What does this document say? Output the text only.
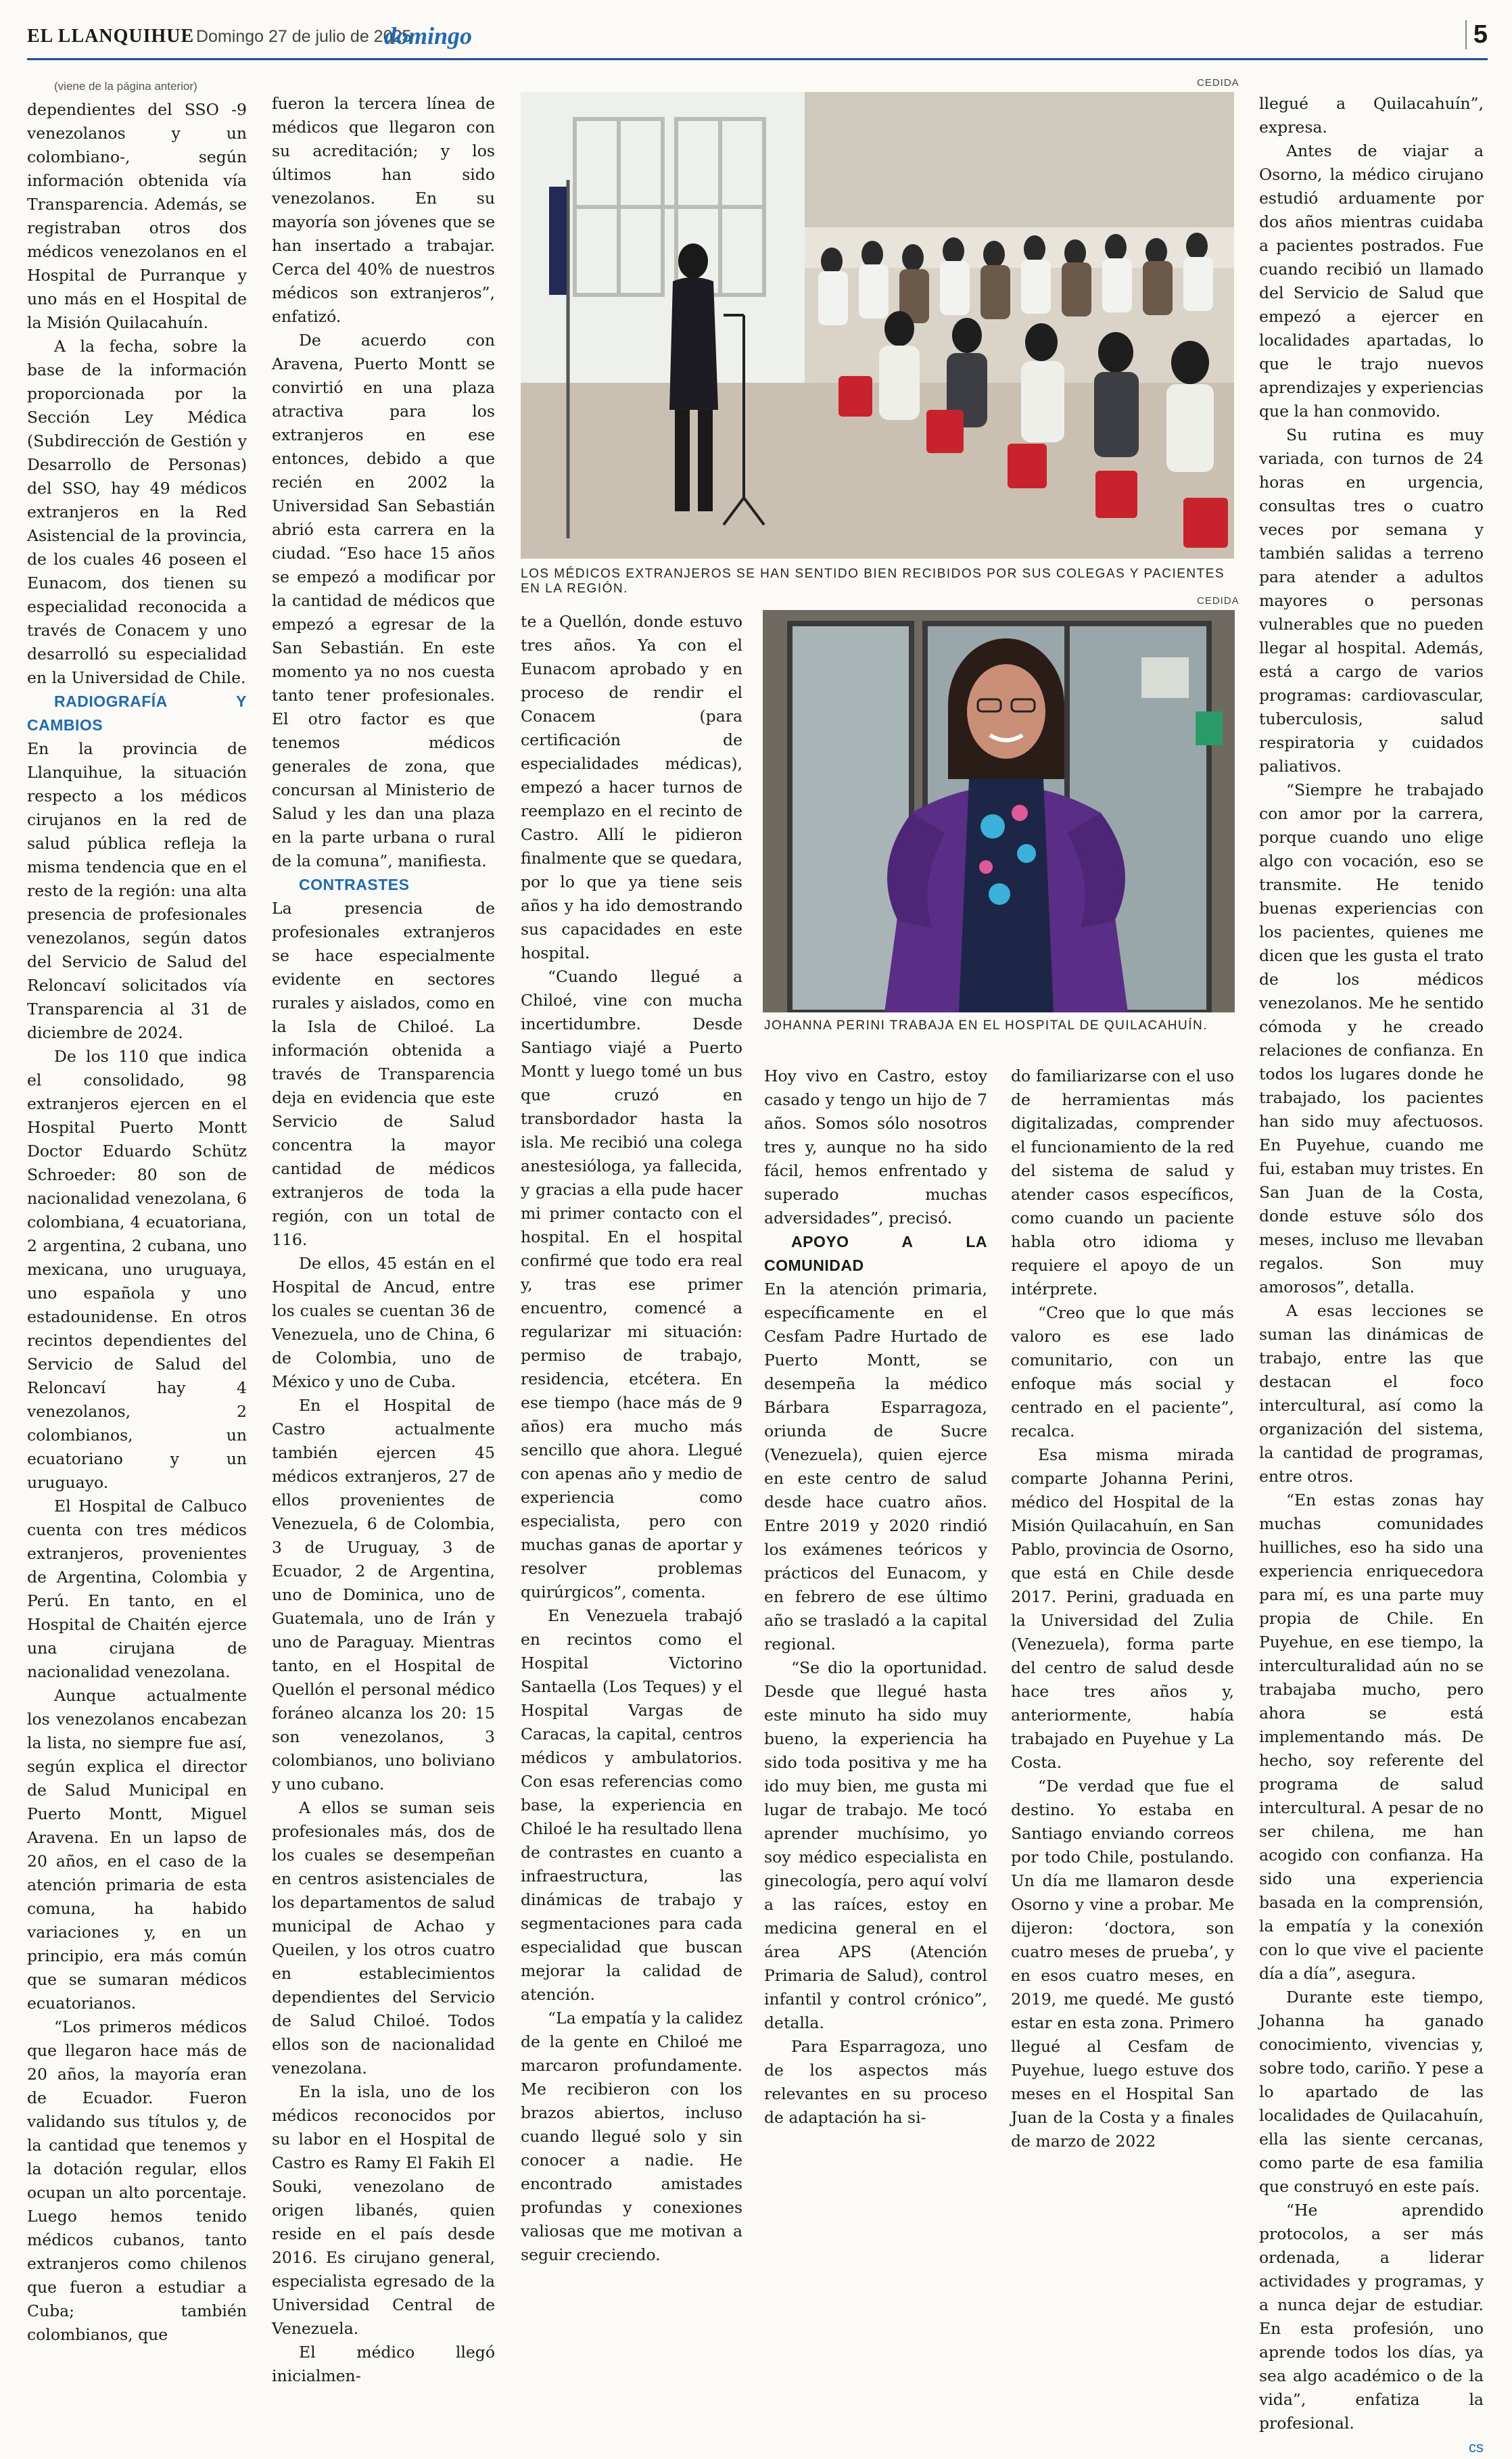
EL LLANQUIHUE Domingo 27 de julio de 2025
domingo	5

(viene de la página anterior)

dependientes del SSO -9 venezolanos y un colombiano-, según información obtenida vía Transparencia. Además, se registraban otros dos médicos venezolanos en el Hospital de Purranque y uno más en el Hospital de la Misión Quilacahuín.

A la fecha, sobre la base de la información proporcionada por la Sección Ley Médica (Subdirección de Gestión y Desarrollo de Personas) del SSO, hay 49 médicos extranjeros en la Red Asistencial de la provincia, de los cuales 46 poseen el Eunacom, dos tienen su especialidad reconocida a través de Conacem y uno desarrolló su especialidad en la Universidad de Chile.

RADIOGRAFÍA Y CAMBIOS

En la provincia de Llanquihue, la situación respecto a los médicos cirujanos en la red de salud pública refleja la misma tendencia que en el resto de la región: una alta presencia de profesionales venezolanos, según datos del Servicio de Salud del Reloncaví solicitados vía Transparencia al 31 de diciembre de 2024.

De los 110 que indica el consolidado, 98 extranjeros ejercen en el Hospital Puerto Montt Doctor Eduardo Schütz Schroeder: 80 son de nacionalidad venezolana, 6 colombiana, 4 ecuatoriana, 2 argentina, 2 cubana, uno mexicana, uno uruguaya, uno española y uno estadounidense. En otros recintos dependientes del Servicio de Salud del Reloncaví hay 4 venezolanos, 2 colombianos, un ecuatoriano y un uruguayo.

El Hospital de Calbuco cuenta con tres médicos extranjeros, provenientes de Argentina, Colombia y Perú. En tanto, en el Hospital de Chaitén ejerce una cirujana de nacionalidad venezolana.

Aunque actualmente los venezolanos encabezan la lista, no siempre fue así, según explica el director de Salud Municipal en Puerto Montt, Miguel Aravena. En un lapso de 20 años, en el caso de la atención primaria de esta comuna, ha habido variaciones y, en un principio, era más común que se sumaran médicos ecuatorianos.

“Los primeros médicos que llegaron hace más de 20 años, la mayoría eran de Ecuador. Fueron validando sus títulos y, de la cantidad que tenemos y la dotación regular, ellos ocupan un alto porcentaje. Luego hemos tenido médicos cubanos, tanto extranjeros como chilenos que fueron a estudiar a Cuba; también colombianos, que

fueron la tercera línea de médicos que llegaron con su acreditación; y los últimos han sido venezolanos. En su mayoría son jóvenes que se han insertado a trabajar. Cerca del 40% de nuestros médicos son extranjeros”, enfatizó.

De acuerdo con Aravena, Puerto Montt se convirtió en una plaza atractiva para los extranjeros en ese entonces, debido a que recién en 2002 la Universidad San Sebastián abrió esta carrera en la ciudad. “Eso hace 15 años se empezó a modificar por la cantidad de médicos que empezó a egresar de la San Sebastián. En este momento ya no nos cuesta tanto tener profesionales. El otro factor es que tenemos médicos generales de zona, que concursan al Ministerio de Salud y les dan una plaza en la parte urbana o rural de la comuna”, manifiesta.

CONTRASTES

La presencia de profesionales extranjeros se hace especialmente evidente en sectores rurales y aislados, como en la Isla de Chiloé. La información obtenida a través de Transparencia deja en evidencia que este Servicio de Salud concentra la mayor cantidad de médicos extranjeros de toda la región, con un total de 116.

De ellos, 45 están en el Hospital de Ancud, entre los cuales se cuentan 36 de Venezuela, uno de China, 6 de Colombia, uno de México y uno de Cuba.

En el Hospital de Castro actualmente también ejercen 45 médicos extranjeros, 27 de ellos provenientes de Venezuela, 6 de Colombia, 3 de Uruguay, 3 de Ecuador, 2 de Argentina, uno de Dominica, uno de Guatemala, uno de Irán y uno de Paraguay. Mientras tanto, en el Hospital de Quellón el personal médico foráneo alcanza los 20: 15 son venezolanos, 3 colombianos, uno boliviano y uno cubano.

A ellos se suman seis profesionales más, dos de los cuales se desempeñan en centros asistenciales de los departamentos de salud municipal de Achao y Queilen, y los otros cuatro en establecimientos dependientes del Servicio de Salud Chiloé. Todos ellos son de nacionalidad venezolana.

En la isla, uno de los médicos reconocidos por su labor en el Hospital de Castro es Ramy El Fakih El Souki, venezolano de origen libanés, quien reside en el país desde 2016. Es cirujano general, especialista egresado de la Universidad Central de Venezuela.

El médico llegó inicialmen-

CEDIDA
LOS MÉDICOS EXTRANJEROS SE HAN SENTIDO BIEN RECIBIDOS POR SUS COLEGAS Y PACIENTES EN LA REGIÓN.
CEDIDA
JOHANNA PERINI TRABAJA EN EL HOSPITAL DE QUILACAHUÍN.

te a Quellón, donde estuvo tres años. Ya con el Eunacom aprobado y en proceso de rendir el Conacem (para certificación de especialidades médicas), empezó a hacer turnos de reemplazo en el recinto de Castro. Allí le pidieron finalmente que se quedara, por lo que ya tiene seis años y ha ido demostrando sus capacidades en este hospital.

“Cuando llegué a Chiloé, vine con mucha incertidumbre. Desde Santiago viajé a Puerto Montt y luego tomé un bus que cruzó en transbordador hasta la isla. Me recibió una colega anestesióloga, ya fallecida, y gracias a ella pude hacer mi primer contacto con el hospital. En el hospital confirmé que todo era real y, tras ese primer encuentro, comencé a regularizar mi situación: permiso de trabajo, residencia, etcétera. En ese tiempo (hace más de 9 años) era mucho más sencillo que ahora. Llegué con apenas año y medio de experiencia como especialista, pero con muchas ganas de aportar y resolver problemas quirúrgicos”, comenta.

En Venezuela trabajó en recintos como el Hospital Victorino Santaella (Los Teques) y el Hospital Vargas de Caracas, la capital, centros médicos y ambulatorios. Con esas referencias como base, la experiencia en Chiloé le ha resultado llena de contrastes en cuanto a infraestructura, las dinámicas de trabajo y segmentaciones para cada especialidad que buscan mejorar la calidad de atención.

“La empatía y la calidez de la gente en Chiloé me marcaron profundamente. Me recibieron con los brazos abiertos, incluso cuando llegué solo y sin conocer a nadie. He encontrado amistades profundas y conexiones valiosas que me motivan a seguir creciendo.

Hoy vivo en Castro, estoy casado y tengo un hijo de 7 años. Somos sólo nosotros tres y, aunque no ha sido fácil, hemos enfrentado y superado muchas adversidades”, precisó.

APOYO A LA COMUNIDAD

En la atención primaria, específicamente en el Cesfam Padre Hurtado de Puerto Montt, se desempeña la médico Bárbara Esparragoza, oriunda de Sucre (Venezuela), quien ejerce en este centro de salud desde hace cuatro años. Entre 2019 y 2020 rindió los exámenes teóricos y prácticos del Eunacom, y en febrero de ese último año se trasladó a la capital regional.

“Se dio la oportunidad. Desde que llegué hasta este minuto ha sido muy bueno, la experiencia ha sido toda positiva y me ha ido muy bien, me gusta mi lugar de trabajo. Me tocó aprender muchísimo, yo soy médico especialista en ginecología, pero aquí volví a las raíces, estoy en medicina general en el área APS (Atención Primaria de Salud), control infantil y control crónico”, detalla.

Para Esparragoza, uno de los aspectos más relevantes en su proceso de adaptación ha si-

do familiarizarse con el uso de herramientas más digitalizadas, comprender el funcionamiento de la red del sistema de salud y atender casos específicos, como cuando un paciente habla otro idioma y requiere el apoyo de un intérprete.

“Creo que lo que más valoro es ese lado comunitario, con un enfoque más social y centrado en el paciente”, recalca.

Esa misma mirada comparte Johanna Perini, médico del Hospital de la Misión Quilacahuín, en San Pablo, provincia de Osorno, que está en Chile desde 2017. Perini, graduada en la Universidad del Zulia (Venezuela), forma parte del centro de salud desde hace tres años y, anteriormente, había trabajado en Puyehue y La Costa.

“De verdad que fue el destino. Yo estaba en Santiago enviando correos por todo Chile, postulando. Un día me llamaron desde Osorno y vine a probar. Me dijeron: ‘doctora, son cuatro meses de prueba’, y en esos cuatro meses, en 2019, me quedé. Me gustó estar en esta zona. Primero llegué al Cesfam de Puyehue, luego estuve dos meses en el Hospital San Juan de la Costa y a finales de marzo de 2022

llegué a Quilacahuín”, expresa.

Antes de viajar a Osorno, la médico cirujano estudió arduamente por dos años mientras cuidaba a pacientes postrados. Fue cuando recibió un llamado del Servicio de Salud que empezó a ejercer en localidades apartadas, lo que le trajo nuevos aprendizajes y experiencias que la han conmovido.

Su rutina es muy variada, con turnos de 24 horas en urgencia, consultas tres o cuatro veces por semana y también salidas a terreno para atender a adultos mayores o personas vulnerables que no pueden llegar al hospital. Además, está a cargo de varios programas: cardiovascular, tuberculosis, salud respiratoria y cuidados paliativos.

“Siempre he trabajado con amor por la carrera, porque cuando uno elige algo con vocación, eso se transmite. He tenido buenas experiencias con los pacientes, quienes me dicen que les gusta el trato de los médicos venezolanos. Me he sentido cómoda y he creado relaciones de confianza. En todos los lugares donde he trabajado, los pacientes han sido muy afectuosos. En Puyehue, cuando me fui, estaban muy tristes. En San Juan de la Costa, donde estuve sólo dos meses, incluso me llevaban regalos. Son muy amorosos”, detalla.

A esas lecciones se suman las dinámicas de trabajo, entre las que destacan el foco intercultural, así como la organización del sistema, la cantidad de programas, entre otros.

“En estas zonas hay muchas comunidades huilliches, eso ha sido una experiencia enriquecedora para mí, es una parte muy propia de Chile. En Puyehue, en ese tiempo, la interculturalidad aún no se trabajaba mucho, pero ahora se está implementando más. De hecho, soy referente del programa de salud intercultural. A pesar de no ser chilena, me han acogido con confianza. Ha sido una experiencia basada en la comprensión, la empatía y la conexión con lo que vive el paciente día a día”, asegura.

Durante este tiempo, Johanna ha ganado conocimiento, vivencias y, sobre todo, cariño. Y pese a lo apartado de las localidades de Quilacahuín, ella las siente cercanas, como parte de esa familia que construyó en este país.

“He aprendido protocolos, a ser más ordenada, a liderar actividades y programas, y a nunca dejar de estudiar. En esta profesión, uno aprende todos los días, ya sea algo académico o de la vida”, enfatiza la profesional.

cs
